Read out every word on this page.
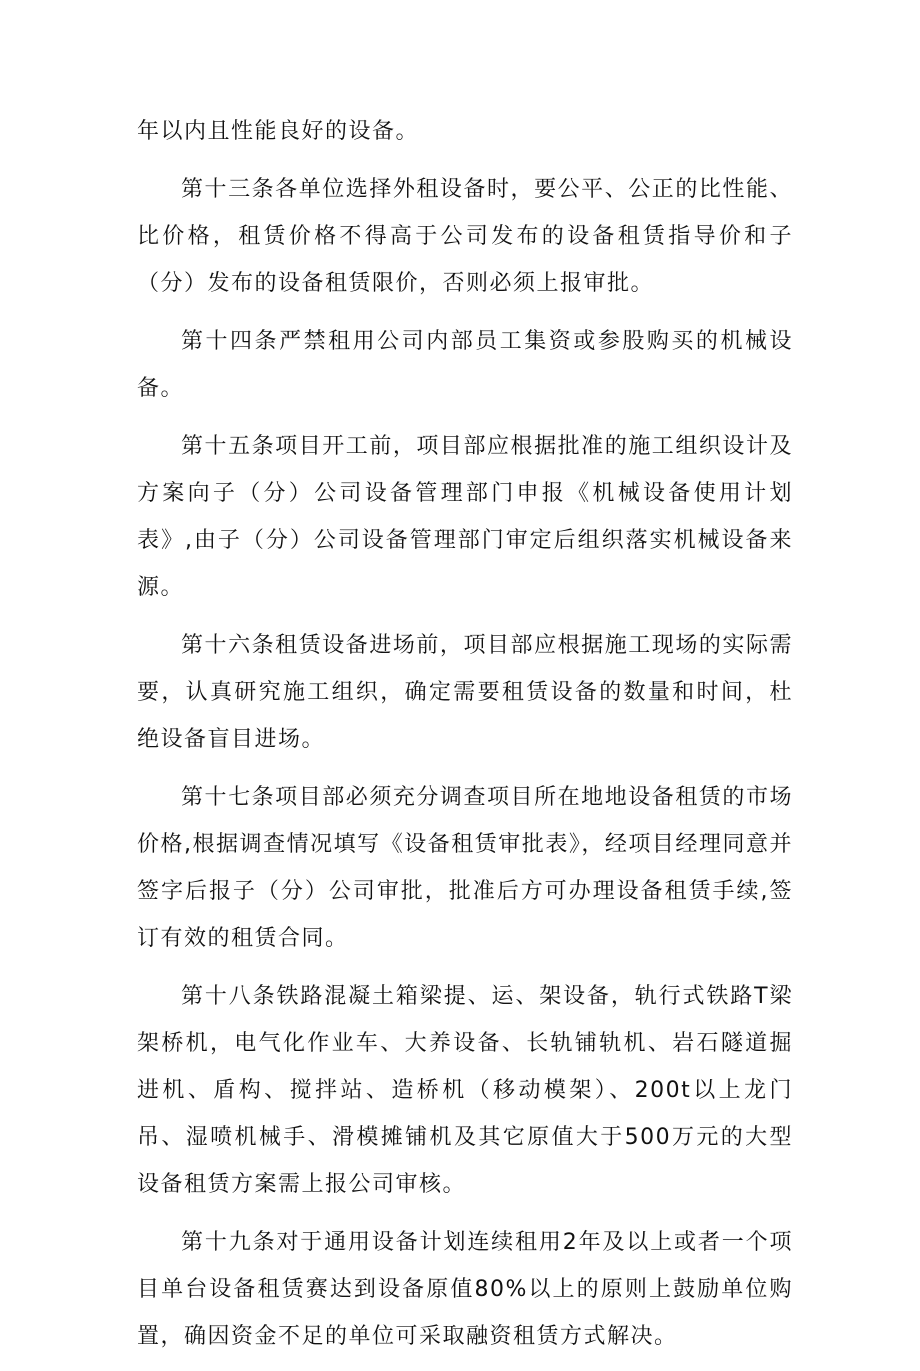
年以内且性能良好的设备。

第十三条各单位选择外租设备时，要公平、公正的比性能、比价格，租赁价格不得高于公司发布的设备租赁指导价和子（分）发布的设备租赁限价，否则必须上报审批。

第十四条严禁租用公司内部员工集资或参股购买的机械设备。

第十五条项目开工前，项目部应根据批准的施工组织设计及方案向子（分）公司设备管理部门申报《机械设备使用计划表》,由子（分）公司设备管理部门审定后组织落实机械设备来源。

第十六条租赁设备进场前，项目部应根据施工现场的实际需要，认真研究施工组织，确定需要租赁设备的数量和时间，杜绝设备盲目进场。

第十七条项目部必须充分调查项目所在地地设备租赁的市场价格,根据调查情况填写《设备租赁审批表》，经项目经理同意并签字后报子（分）公司审批，批准后方可办理设备租赁手续,签订有效的租赁合同。

第十八条铁路混凝土箱梁提、运、架设备，轨行式铁路T梁架桥机，电气化作业车、大养设备、长轨铺轨机、岩石隧道掘进机、盾构、搅拌站、造桥机（移动模架）、200t以上龙门吊、湿喷机械手、滑模摊铺机及其它原值大于500万元的大型设备租赁方案需上报公司审核。

第十九条对于通用设备计划连续租用2年及以上或者一个项目单台设备租赁赛达到设备原值80%以上的原则上鼓励单位购置，确因资金不足的单位可采取融资租赁方式解决。
